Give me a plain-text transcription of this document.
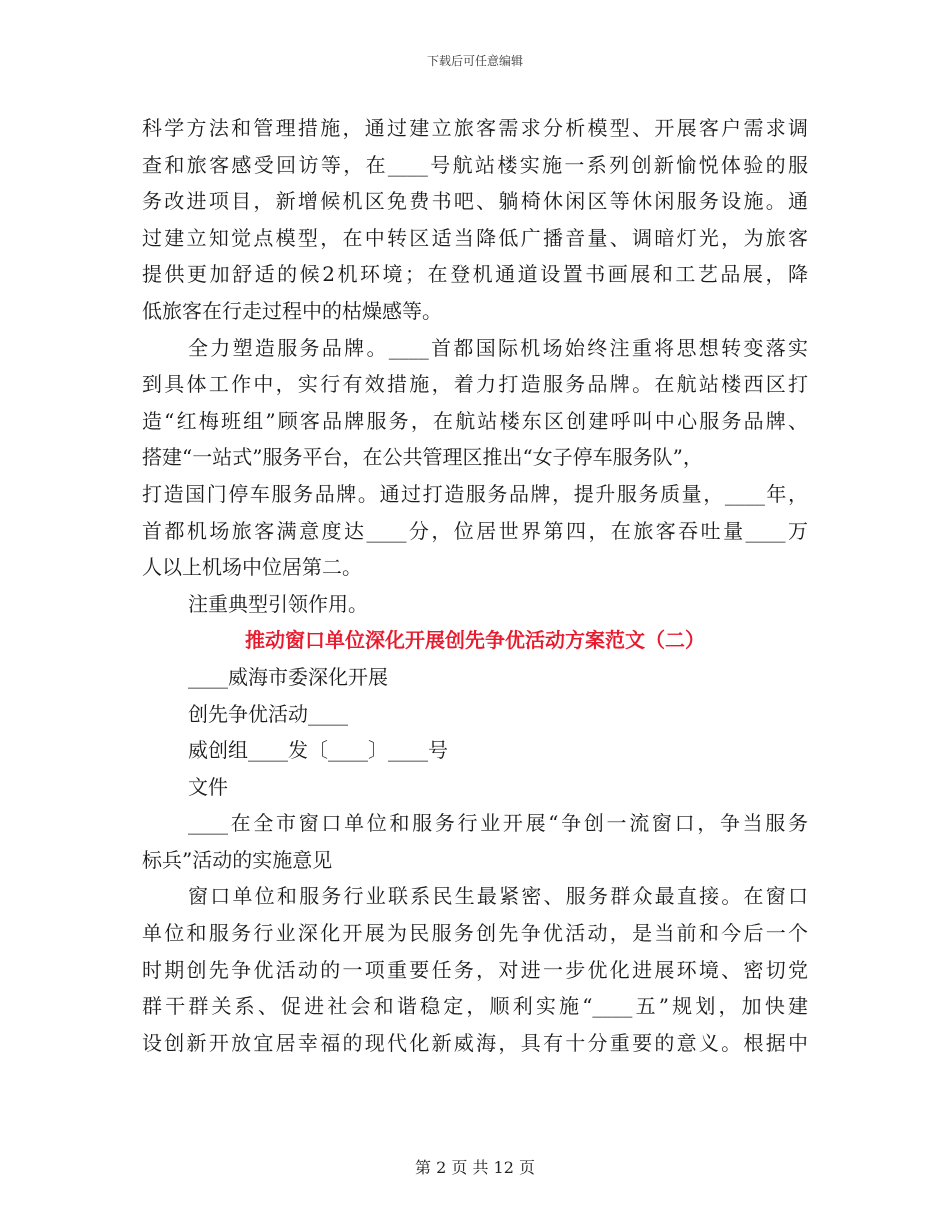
下载后可任意编辑
科学方法和管理措施，通过建立旅客需求分析模型、开展客户需求调
查和旅客感受回访等，在____号航站楼实施一系列创新愉悦体验的服
务改进项目，新增候机区免费书吧、躺椅休闲区等休闲服务设施。通
过建立知觉点模型，在中转区适当降低广播音量、调暗灯光，为旅客
提供更加舒适的候2机环境；在登机通道设置书画展和工艺品展，降
低旅客在行走过程中的枯燥感等。
全力塑造服务品牌。____首都国际机场始终注重将思想转变落实
到具体工作中，实行有效措施，着力打造服务品牌。在航站楼西区打
造“红梅班组”顾客品牌服务，在航站楼东区创建呼叫中心服务品牌、
搭建“一站式”服务平台，在公共管理区推出“女子停车服务队”，
打造国门停车服务品牌。通过打造服务品牌，提升服务质量，____年，
首都机场旅客满意度达____分，位居世界第四，在旅客吞吐量____万
人以上机场中位居第二。
注重典型引领作用。
推动窗口单位深化开展创先争优活动方案范文（二）
____威海市委深化开展
创先争优活动____
威创组____发〔____〕____号
文件
____在全市窗口单位和服务行业开展“争创一流窗口，争当服务
标兵”活动的实施意见
窗口单位和服务行业联系民生最紧密、服务群众最直接。在窗口
单位和服务行业深化开展为民服务创先争优活动，是当前和今后一个
时期创先争优活动的一项重要任务，对进一步优化进展环境、密切党
群干群关系、促进社会和谐稳定，顺利实施“____五”规划，加快建
设创新开放宜居幸福的现代化新威海，具有十分重要的意义。根据中
第 2 页 共 12 页
